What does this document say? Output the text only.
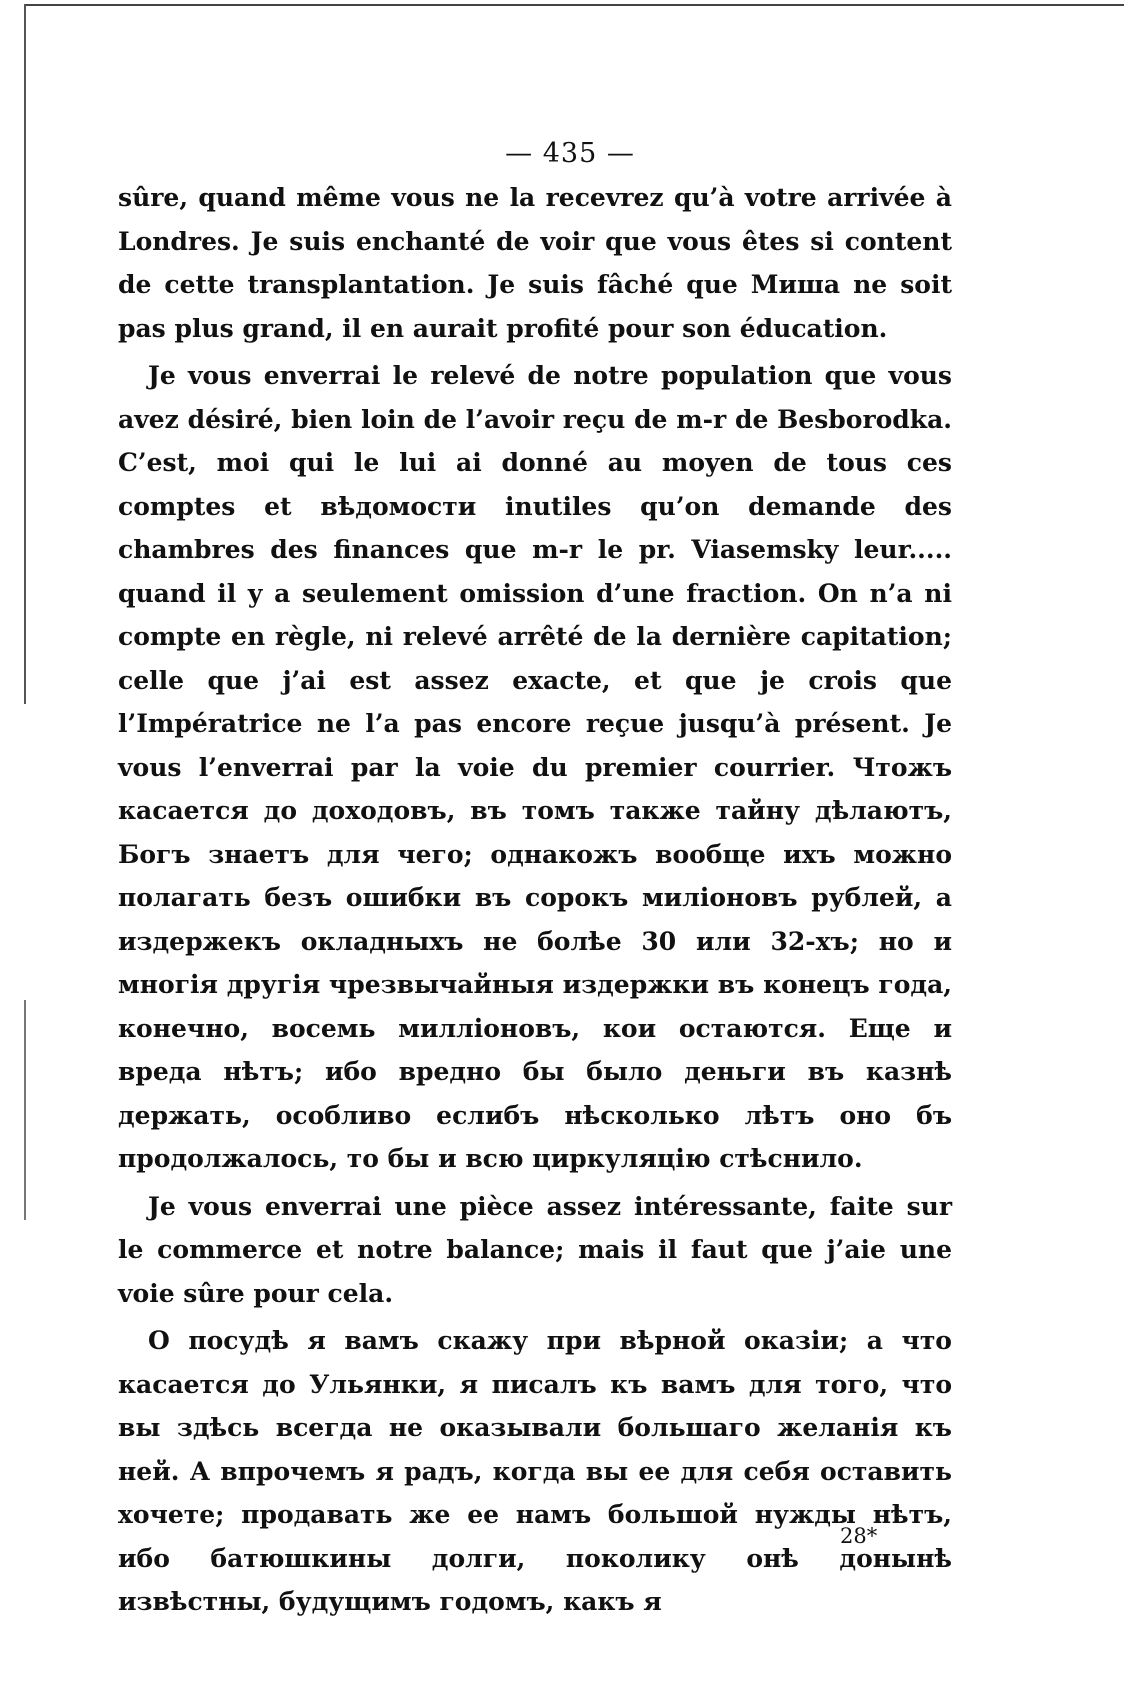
— 435 —

sûre, quand même vous ne la recevrez qu’à votre arrivée à Londres. Je suis enchanté de voir que vous êtes si content de cette transplantation. Je suis fâché que Миша ne soit pas plus grand, il en aurait profité pour son éducation.

Je vous enverrai le relevé de notre population que vous avez désiré, bien loin de l’avoir reçu de m-r de Besborodka. C’est, moi qui le lui ai donné au moyen de tous ces comptes et вѣдомости inutiles qu’on demande des chambres des finances que m-r le pr. Viasemsky leur..... quand il y a seulement omission d’une fraction. On n’a ni compte en règle, ni relevé arrêté de la dernière capitation; celle que j’ai est assez exacte, et que je crois que l’Impératrice ne l’a pas encore reçue jusqu’à présent. Je vous l’enverrai par la voie du premier courrier. Чтожъ касается до доходовъ, въ томъ также тайну дѣлаютъ, Богъ знаетъ для чего; однакожъ вообще ихъ можно полагать безъ ошибки въ сорокъ миліоновъ рублей, а издержекъ окладныхъ не болѣе 30 или 32-хъ; но и многія другія чрезвычайныя издержки въ конецъ года, конечно, восемь милліоновъ, кои остаются. Еще и вреда нѣтъ; ибо вредно бы было деньги въ казнѣ держать, особливо еслибъ нѣсколько лѣтъ оно бъ продолжалось, то бы и всю циркуляцію стѣснило.

Je vous enverrai une pièce assez intéressante, faite sur le commerce et notre balance; mais il faut que j’aie une voie sûre pour cela.

О посудѣ я вамъ скажу при вѣрной оказіи; а что касается до Ульянки, я писалъ къ вамъ для того, что вы здѣсь всегда не оказывали большаго желанія къ ней. А впрочемъ я радъ, когда вы ее для себя оставить хочете; продавать же ее намъ большой нужды нѣтъ, ибо батюшкины долги, поколику онѣ донынѣ извѣстны, будущимъ годомъ, какъ я

28*
